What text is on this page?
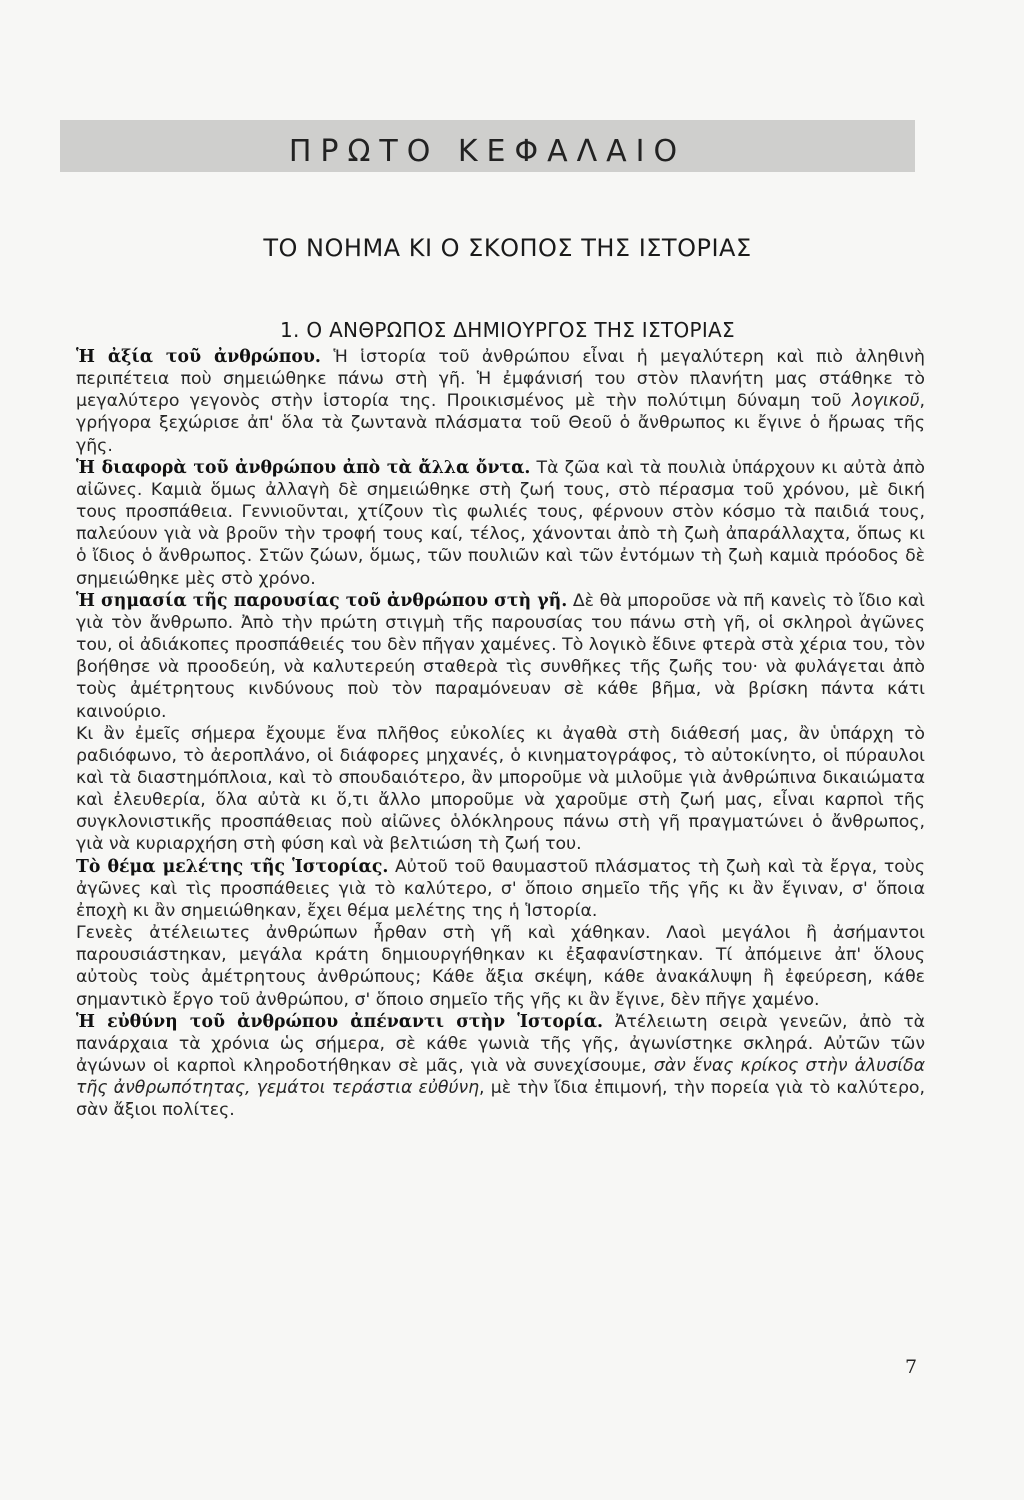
ΠΡΩΤΟ ΚΕΦΑΛΑΙΟ
ΤΟ ΝΟΗΜΑ ΚΙ Ο ΣΚΟΠΟΣ ΤΗΣ ΙΣΤΟΡΙΑΣ
1. Ο ΑΝΘΡΩΠΟΣ ΔΗΜΙΟΥΡΓΟΣ ΤΗΣ ΙΣΤΟΡΙΑΣ

Ἡ ἀξία τοῦ ἀνθρώπου. Ἡ ἱστορία τοῦ ἀνθρώπου εἶναι ἡ μεγαλύτερη καὶ πιὸ ἀληθινὴ περιπέτεια ποὺ σημειώθηκε πάνω στὴ γῆ. Ἡ ἐμφάνισή του στὸν πλανήτη μας στάθηκε τὸ μεγαλύτερο γεγονὸς στὴν ἱστορία της. Προικισμένος μὲ τὴν πολύτιμη δύναμη τοῦ λογικοῦ, γρήγορα ξεχώρισε ἀπ' ὅλα τὰ ζωντανὰ πλάσματα τοῦ Θεοῦ ὁ ἄνθρωπος κι ἔγινε ὁ ἥρωας τῆς γῆς.

Ἡ διαφορὰ τοῦ ἀνθρώπου ἀπὸ τὰ ἄλλα ὄντα. Τὰ ζῶα καὶ τὰ πουλιὰ ὑπάρχουν κι αὐτὰ ἀπὸ αἰῶνες. Καμιὰ ὅμως ἀλλαγὴ δὲ σημειώθηκε στὴ ζωή τους, στὸ πέρασμα τοῦ χρόνου, μὲ δική τους προσπάθεια. Γεννιοῦνται, χτίζουν τὶς φωλιές τους, φέρνουν στὸν κόσμο τὰ παιδιά τους, παλεύουν γιὰ νὰ βροῦν τὴν τροφή τους καί, τέλος, χάνονται ἀπὸ τὴ ζωὴ ἀπαράλλαχτα, ὅπως κι ὁ ἴδιος ὁ ἄνθρωπος. Στῶν ζώων, ὅμως, τῶν πουλιῶν καὶ τῶν ἐντόμων τὴ ζωὴ καμιὰ πρόοδος δὲ σημειώθηκε μὲς στὸ χρόνο.

Ἡ σημασία τῆς παρουσίας τοῦ ἀνθρώπου στὴ γῆ. Δὲ θὰ μποροῦσε νὰ πῆ κανεὶς τὸ ἴδιο καὶ γιὰ τὸν ἄνθρωπο. Ἀπὸ τὴν πρώτη στιγμὴ τῆς παρουσίας του πάνω στὴ γῆ, οἱ σκληροὶ ἀγῶνες του, οἱ ἀδιάκοπες προσπάθειές του δὲν πῆγαν χαμένες. Τὸ λογικὸ ἔδινε φτερὰ στὰ χέρια του, τὸν βοήθησε νὰ προοδεύη, νὰ καλυτερεύη σταθερὰ τὶς συνθῆκες τῆς ζωῆς του· νὰ φυλάγεται ἀπὸ τοὺς ἀμέτρητους κινδύνους ποὺ τὸν παραμόνευαν σὲ κάθε βῆμα, νὰ βρίσκη πάντα κάτι καινούριο.

Κι ἂν ἐμεῖς σήμερα ἔχουμε ἕνα πλῆθος εὐκολίες κι ἀγαθὰ στὴ διάθεσή μας, ἂν ὑπάρχη τὸ ραδιόφωνο, τὸ ἀεροπλάνο, οἱ διάφορες μηχανές, ὁ κινηματογράφος, τὸ αὐτοκίνητο, οἱ πύραυλοι καὶ τὰ διαστημόπλοια, καὶ τὸ σπουδαιότερο, ἂν μποροῦμε νὰ μιλοῦμε γιὰ ἀνθρώπινα δικαιώματα καὶ ἐλευθερία, ὅλα αὐτὰ κι ὅ,τι ἄλλο μποροῦμε νὰ χαροῦμε στὴ ζωή μας, εἶναι καρποὶ τῆς συγκλονιστικῆς προσπάθειας ποὺ αἰῶνες ὁλόκληρους πάνω στὴ γῆ πραγματώνει ὁ ἄνθρωπος, γιὰ νὰ κυριαρχήση στὴ φύση καὶ νὰ βελτιώση τὴ ζωή του.

Τὸ θέμα μελέτης τῆς Ἱστορίας. Αὐτοῦ τοῦ θαυμαστοῦ πλάσματος τὴ ζωὴ καὶ τὰ ἔργα, τοὺς ἀγῶνες καὶ τὶς προσπάθειες γιὰ τὸ καλύτερο, σ' ὅποιο σημεῖο τῆς γῆς κι ἂν ἔγιναν, σ' ὅποια ἐποχὴ κι ἂν σημειώθηκαν, ἔχει θέμα μελέτης της ἡ Ἱστορία.

Γενεὲς ἀτέλειωτες ἀνθρώπων ἦρθαν στὴ γῆ καὶ χάθηκαν. Λαοὶ μεγάλοι ἢ ἀσήμαντοι παρουσιάστηκαν, μεγάλα κράτη δημιουργήθηκαν κι ἐξαφανίστηκαν. Τί ἀπόμεινε ἀπ' ὅλους αὐτοὺς τοὺς ἀμέτρητους ἀνθρώπους; Κάθε ἄξια σκέψη, κάθε ἀνακάλυψη ἢ ἐφεύρεση, κάθε σημαντικὸ ἔργο τοῦ ἀνθρώπου, σ' ὅποιο σημεῖο τῆς γῆς κι ἂν ἔγινε, δὲν πῆγε χαμένο.

Ἡ εὐθύνη τοῦ ἀνθρώπου ἀπέναντι στὴν Ἱστορία. Ἀτέλειωτη σειρὰ γενεῶν, ἀπὸ τὰ πανάρχαια τὰ χρόνια ὡς σήμερα, σὲ κάθε γωνιὰ τῆς γῆς, ἀγωνίστηκε σκληρά. Αὐτῶν τῶν ἀγώνων οἱ καρποὶ κληροδοτήθηκαν σὲ μᾶς, γιὰ νὰ συνεχίσουμε, σὰν ἕνας κρίκος στὴν ἁλυσίδα τῆς ἀνθρωπότητας, γεμάτοι τεράστια εὐθύνη, μὲ τὴν ἴδια ἐπιμονή, τὴν πορεία γιὰ τὸ καλύτερο, σὰν ἄξιοι πολίτες.

7
